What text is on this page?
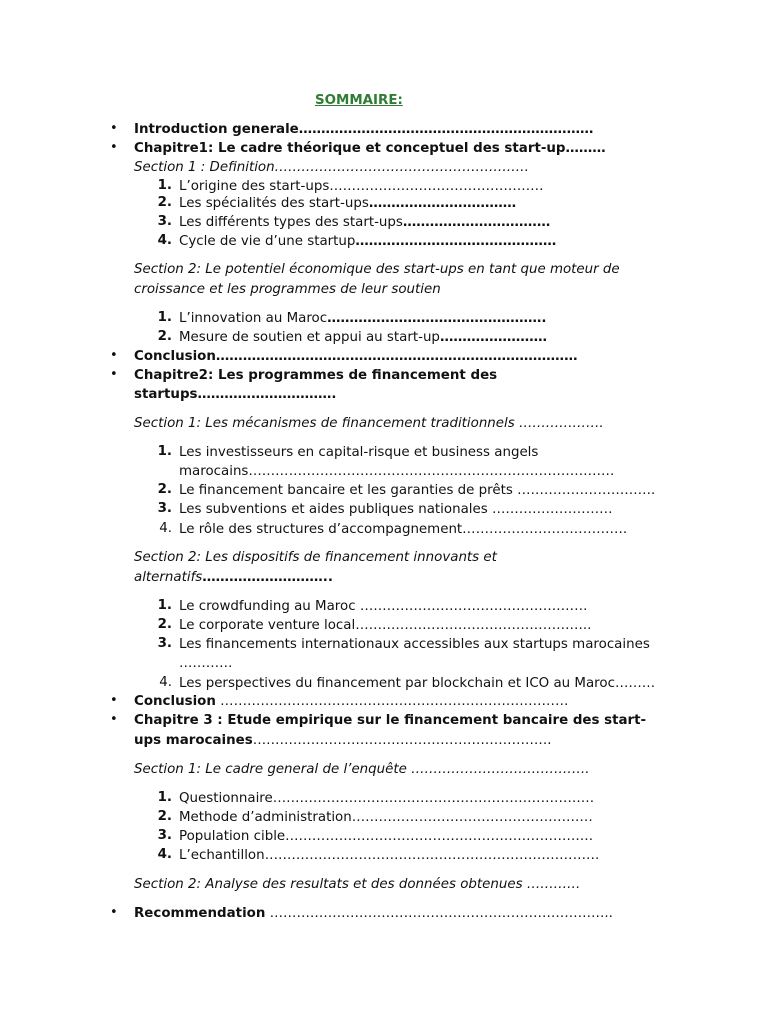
SOMMAIRE:
• Introduction generale…………………………………………………………
• Chapitre1: Le cadre théorique et conceptuel des start-up………
Section 1 : Definition…………………………………………………
1. L’origine des start-ups…………………………………………
2. Les spécialités des start-ups……………………………
3. Les différents types des start-ups……………………………
4. Cycle de vie d’une startup………………………………………
Section 2: Le potentiel économique des start-ups en tant que moteur de
croissance et les programmes de leur soutien
1. L’innovation au Maroc………………………………………….
2. Mesure de soutien et appui au start-up……………………
• Conclusion………………………………………………………………………
• Chapitre2: Les programmes de financement des
startups………………………….
Section 1: Les mécanismes de financement traditionnels ……………….
1. Les investisseurs en capital-risque et business angels
marocains……………………………………………………………………….
2. Le financement bancaire et les garanties de prêts ………………………….
3. Les subventions et aides publiques nationales ………………………
4. Le rôle des structures d’accompagnement……………………………….
Section 2: Les dispositifs de financement innovants et
alternatifs………………………..
1. Le crowdfunding au Maroc ……………………………………………
2. Le corporate venture local……………………………………………..
3. Les financements internationaux accessibles aux startups marocaines
…………
4. Les perspectives du financement par blockchain et ICO au Maroc………
• Conclusion ……………………………………………………………………
• Chapitre 3 : Etude empirique sur le financement bancaire des start-
ups marocaines………………………………………………………….
Section 1: Le cadre general de l’enquête ………………………………….
1. Questionnaire………………………………………………………………
2. Methode d’administration………………………………………………
3. Population cible……………………………………………………………
4. L’echantillon…………………………………………………………………
Section 2: Analyse des resultats et des données obtenues …………
• Recommendation …………………………………………………………………..
